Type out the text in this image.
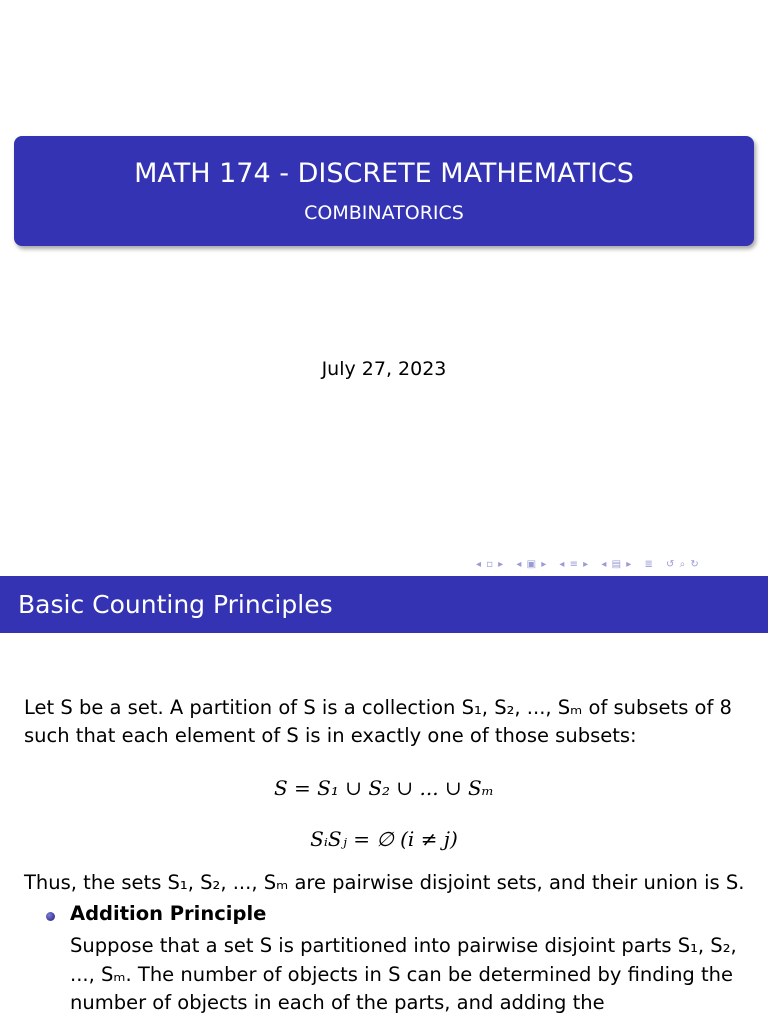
MATH 174 - DISCRETE MATHEMATICS
COMBINATORICS
July 27, 2023
◂ ▫ ▸ ◂ ▣ ▸ ◂ ≡ ▸ ◂ ▤ ▸ ≣ ↺ ⌕ ↻
Basic Counting Principles
Let S be a set. A partition of S is a collection S₁, S₂, ..., Sₘ of subsets of 8
such that each element of S is in exactly one of those subsets:
S = S₁ ∪ S₂ ∪ ... ∪ Sₘ
SᵢSⱼ = ∅ (i ≠ j)
Thus, the sets S₁, S₂, ..., Sₘ are pairwise disjoint sets, and their union is S.
Addition Principle
Suppose that a set S is partitioned into pairwise disjoint parts S₁, S₂, ..., Sₘ. The number of objects in S can be determined by finding the number of objects in each of the parts, and adding the
